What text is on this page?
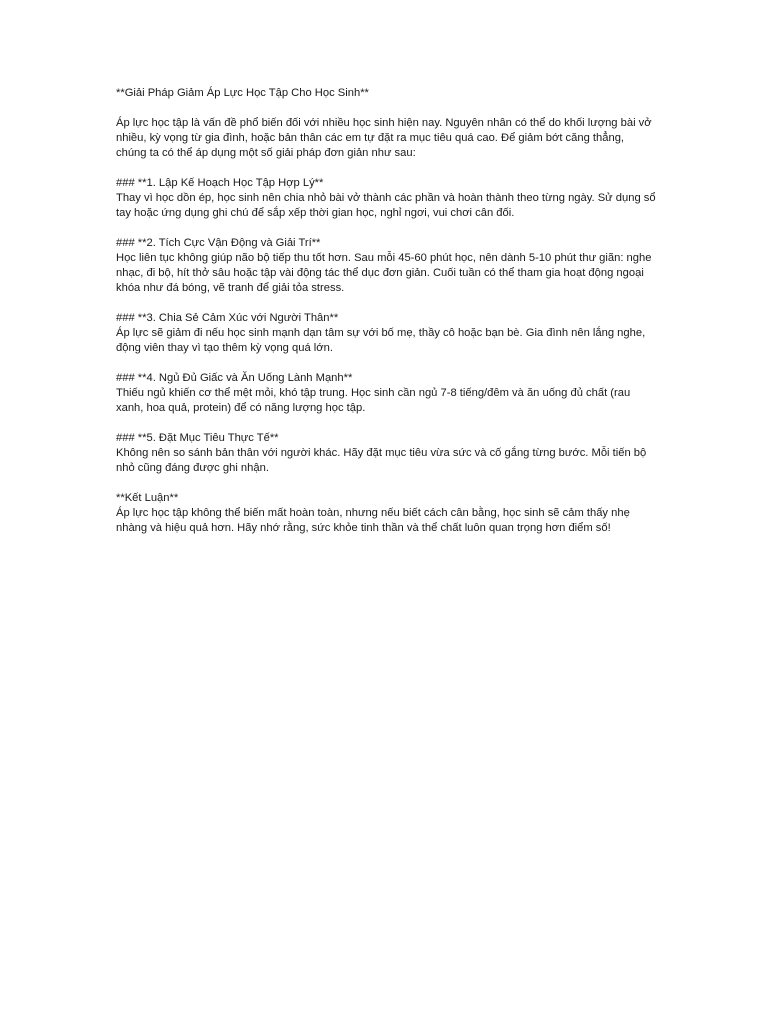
**Giải Pháp Giảm Áp Lực Học Tập Cho Học Sinh**

Áp lực học tập là vấn đề phổ biến đối với nhiều học sinh hiện nay. Nguyên nhân có thể do khối lượng bài vở nhiều, kỳ vọng từ gia đình, hoặc bản thân các em tự đặt ra mục tiêu quá cao. Để giảm bớt căng thẳng, chúng ta có thể áp dụng một số giải pháp đơn giản như sau:

### **1. Lập Kế Hoạch Học Tập Hợp Lý**

Thay vì học dồn ép, học sinh nên chia nhỏ bài vở thành các phần và hoàn thành theo từng ngày. Sử dụng sổ tay hoặc ứng dụng ghi chú để sắp xếp thời gian học, nghỉ ngơi, vui chơi cân đối.

### **2. Tích Cực Vận Động và Giải Trí**

Học liên tục không giúp não bộ tiếp thu tốt hơn. Sau mỗi 45-60 phút học, nên dành 5-10 phút thư giãn: nghe nhạc, đi bộ, hít thở sâu hoặc tập vài động tác thể dục đơn giản. Cuối tuần có thể tham gia hoạt động ngoại khóa như đá bóng, vẽ tranh để giải tỏa stress.

### **3. Chia Sẻ Cảm Xúc với Người Thân**

Áp lực sẽ giảm đi nếu học sinh mạnh dạn tâm sự với bố mẹ, thầy cô hoặc bạn bè. Gia đình nên lắng nghe, động viên thay vì tạo thêm kỳ vọng quá lớn.

### **4. Ngủ Đủ Giấc và Ăn Uống Lành Mạnh**

Thiếu ngủ khiến cơ thể mệt mỏi, khó tập trung. Học sinh cần ngủ 7-8 tiếng/đêm và ăn uống đủ chất (rau xanh, hoa quả, protein) để có năng lượng học tập.

### **5. Đặt Mục Tiêu Thực Tế**

Không nên so sánh bản thân với người khác. Hãy đặt mục tiêu vừa sức và cố gắng từng bước. Mỗi tiến bộ nhỏ cũng đáng được ghi nhận.

**Kết Luận**

Áp lực học tập không thể biến mất hoàn toàn, nhưng nếu biết cách cân bằng, học sinh sẽ cảm thấy nhẹ nhàng và hiệu quả hơn. Hãy nhớ rằng, sức khỏe tinh thần và thể chất luôn quan trọng hơn điểm số!
